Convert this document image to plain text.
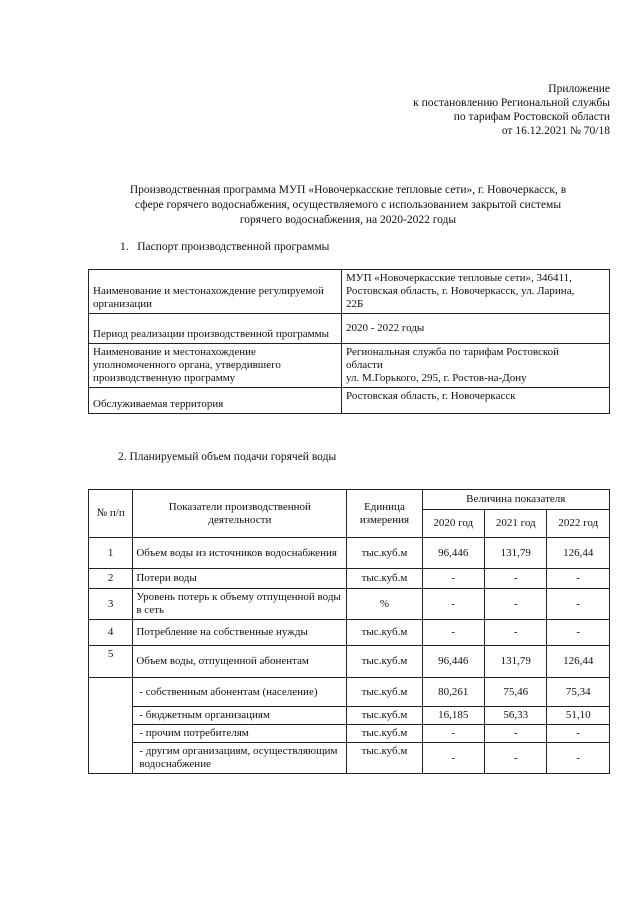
Приложение
к постановлению Региональной службы
по тарифам Ростовской области
от 16.12.2021 № 70/18
Производственная программа МУП «Новочеркасские тепловые сети», г. Новочеркасск, в
сфере горячего водоснабжения, осуществляемого с использованием закрытой системы
горячего водоснабжения, на 2020-2022 годы
1. Паспорт производственной программы
Наименование и местонахождение регулируемой организации	МУП «Новочеркасские тепловые сети», 346411,
Ростовская область, г. Новочеркасск, ул. Ларина,
22Б

Период реализации производственной программы	2020 - 2022 годы

Наименование и местонахождение уполномоченного органа, утвердившего производственную программу	Региональная служба по тарифам Ростовской
области
ул. М.Горького, 295, г. Ростов-на-Дону

Обслуживаемая территория	Ростовская область, г. Новочеркасск
2. Планируемый объем подачи горячей воды
№ п/п	Показатели производственной деятельности	Единица измерения	Величина показателя		
			2020 год	2021 год	2022 год
1	Объем воды из источников водоснабжения	тыс.куб.м	96,446	131,79	126,44
2	Потери воды	тыс.куб.м	-	-	-
3	Уровень потерь к объему отпущенной воды в сеть	%	-	-	-
4	Потребление на собственные нужды	тыс.куб.м	-	-	-
5	Объем воды, отпущенной абонентам	тыс.куб.м	96,446	131,79	126,44
	- собственным абонентам (население)	тыс.куб.м	80,261	75,46	75,34
	- бюджетным организациям	тыс.куб.м	16,185	56,33	51,10
	- прочим потребителям	тыс.куб.м	-	-	-
	- другим организациям, осуществляющим водоснабжение	тыс.куб.м	-	-	-
